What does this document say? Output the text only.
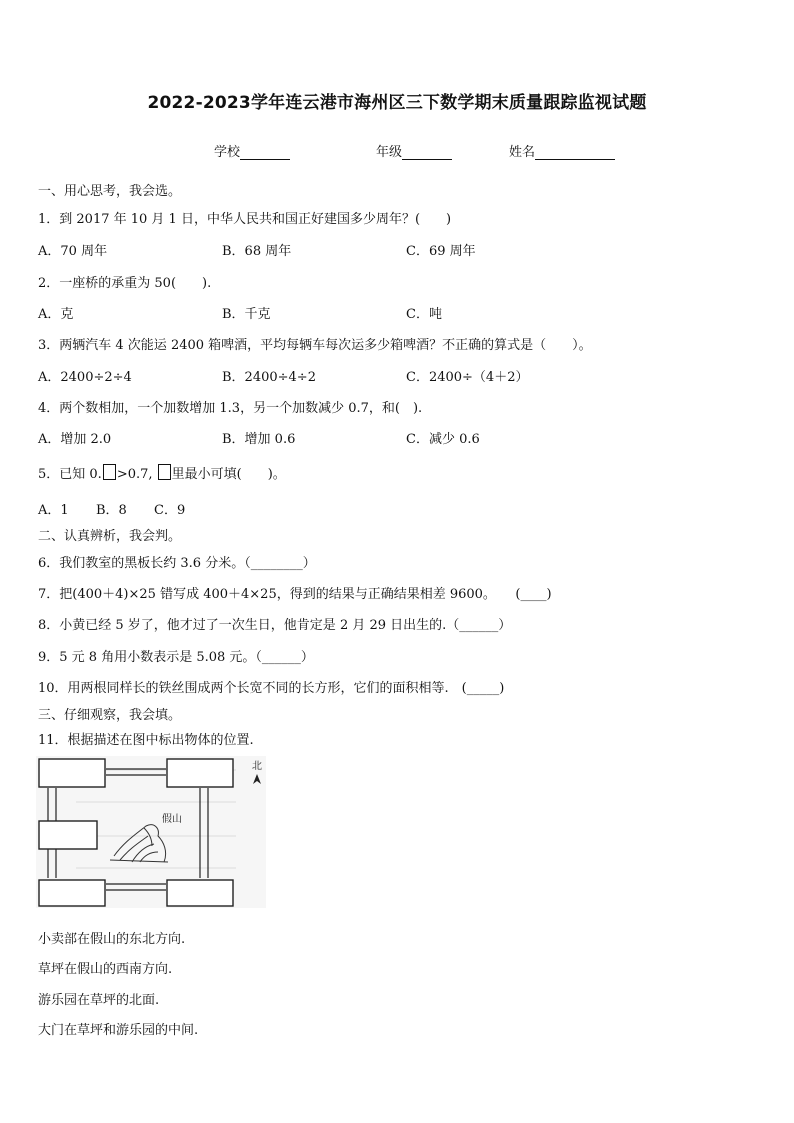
2022-2023学年连云港市海州区三下数学期末质量跟踪监视试题
学校	年级	姓名
一、用心思考，我会选。
1．到 2017 年 10 月 1 日，中华人民共和国正好建国多少周年？(　　)
A．70 周年	B．68 周年	C．69 周年
2．一座桥的承重为 50(　　).
A．克	B．千克	C．吨
3．两辆汽车 4 次能运 2400 箱啤酒，平均每辆车每次运多少箱啤酒？不正确的算式是（　　）。
A．2400÷2÷4	B．2400÷4÷2	C．2400÷（4＋2）
4．两个数相加，一个加数增加 1.3，另一个加数减少 0.7，和(　).
A．增加 2.0	B．增加 0.6	C．减少 0.6
5．已知 0. >0.7, 里最小可填(　　)。
A．1 B．8 C．9
二、认真辨析，我会判。
6．我们教室的黑板长约 3.6 分米。（________）
7．把(400＋4)×25 错写成 400＋4×25，得到的结果与正确结果相差 9600。　　(____)
8．小黄已经 5 岁了，他才过了一次生日，他肯定是 2 月 29 日出生的.（______）
9．5 元 8 角用小数表示是 5.08 元。（______）
10．用两根同样长的铁丝围成两个长宽不同的长方形，它们的面积相等.　(_____)
三、仔细观察，我会填。
11．根据描述在图中标出物体的位置.
假山
北
小卖部在假山的东北方向.
草坪在假山的西南方向.
游乐园在草坪的北面.
大门在草坪和游乐园的中间.
